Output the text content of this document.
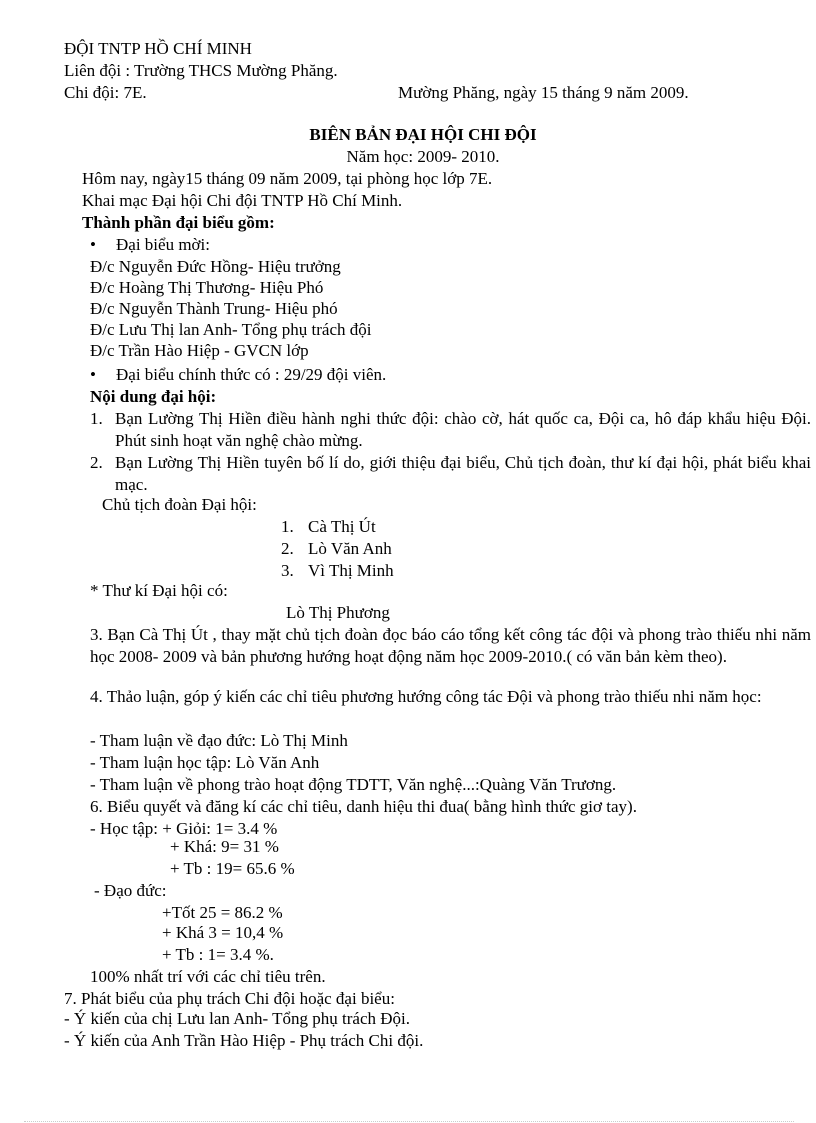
ĐỘI TNTP HỒ CHÍ MINH
Liên đội : Trường THCS Mường Phăng.
Chi đội: 7E.	Mường Phăng, ngày 15 tháng 9 năm 2009.
BIÊN BẢN ĐẠI HỘI CHI ĐỘI
Năm học: 2009- 2010.
Hôm nay, ngày15 tháng 09 năm 2009, tại phòng học lớp 7E.
Khai mạc Đại hội Chi đội TNTP Hồ Chí Minh.
Thành phần đại biểu gồm:
• Đại biểu mời:
Đ/c Nguyễn Đức Hồng- Hiệu trưởng
Đ/c Hoàng Thị Thương- Hiệu Phó
Đ/c Nguyễn Thành Trung- Hiệu phó
Đ/c Lưu Thị lan Anh- Tổng phụ trách đội
Đ/c Trần Hào Hiệp - GVCN lớp
• Đại biểu chính thức có : 29/29 đội viên.
Nội dung đại hội:
1. Bạn Lường Thị Hiền điều hành nghi thức đội: chào cờ, hát quốc ca, Đội ca, hô đáp khẩu hiệu Đội. Phút sinh hoạt văn nghệ chào mừng.
2. Bạn Lường Thị Hiền tuyên bố lí do, giới thiệu đại biểu, Chủ tịch đoàn, thư kí đại hội, phát biểu khai mạc.
Chủ tịch đoàn Đại hội:
1. Cà Thị Út
2. Lò Văn Anh
3. Vì Thị Minh
* Thư kí Đại hội có:
Lò Thị Phương
3. Bạn Cà Thị Út , thay mặt chủ tịch đoàn đọc báo cáo tổng kết công tác đội và phong trào thiếu nhi năm học 2008- 2009 và bản phương hướng hoạt động năm học 2009-2010.( có văn bản kèm theo).
4. Thảo luận, góp ý kiến các chỉ tiêu phương hướng công tác Đội và phong trào thiếu nhi năm học:
- Tham luận về đạo đức: Lò Thị Minh
- Tham luận học tập: Lò Văn Anh
- Tham luận về phong trào hoạt động TDTT, Văn nghệ...:Quàng Văn Trương.
6. Biểu quyết và đăng kí các chỉ tiêu, danh hiệu thi đua( bằng hình thức giơ tay).
- Học tập: + Giỏi: 1= 3.4 %
+ Khá: 9= 31 %
+ Tb : 19= 65.6 %
- Đạo đức:
+Tốt 25 = 86.2 %
+ Khá 3 = 10,4 %
+ Tb : 1= 3.4 %.
100% nhất trí với các chỉ tiêu trên.
7. Phát biểu của phụ trách Chi đội hoặc đại biểu:
- Ý kiến của chị Lưu lan Anh- Tổng phụ trách Đội.
- Ý kiến của Anh Trần Hào Hiệp - Phụ trách Chi đội.
